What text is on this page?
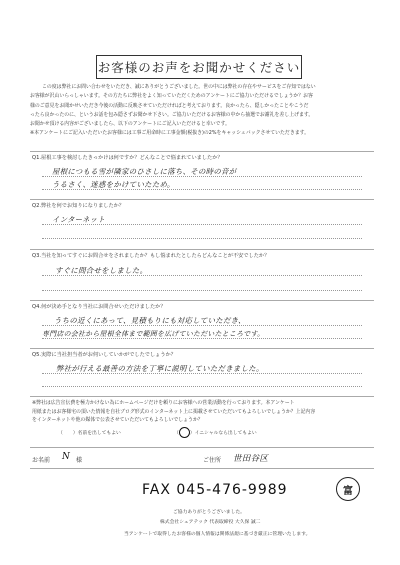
お客様のお声をお聞かせください

この度は弊社にお問い合わせをいただき、誠にありがとうございました。世の中には弊社の存在やサービスをご存知ではない

お客様が沢山いらっしゃいます。その方たちに弊社をよく知っていただくためのアンケートにご協力いただけるでしょうか？お客

様のご意見をお聞かせいただき今後の活動に反映させていただければと考えております。良かったら、隠しかったことやこうだ

ったら良かったのに、というお話を包み隠さずお聞かせ下さい。ご協力いただけるお客様の中から抽選でお謝礼を差し上げます。

お聞かせ頂ける内容がございましたら、以下のアンケートにご記入いただけると幸いです。

※本アンケートにご記入いただいたお客様には工事ご用命時に工事金額(税抜き)の2%をキャッシュバックさせていただきます。

Q1.屋根工事を検討したきっかけは何ですか？どんなことで悩まれていましたか？
屋根につもる雪が隣家のひさしに落ち、その時の音が
うるさく、迷惑をかけていたため。
Q2.弊社を何でお知りになりましたか？
インターネット
Q3.当社を知ってすぐにお問合せをされましたか？もし悩まれたとしたらどんなことが不安でしたか？
すぐに問合せをしました。
Q4.何が決め手となり当社にお問合せいただけましたか？
うちの近くにあって、見積もりにも対応していただき、
専門店の会社から屋根全体まで範囲を広げていただいたところです。
Q5.実際に当社担当者がお伺いしていかがでしたでしょうか？
弊社が行える最善の方法を丁寧に説明していただきました。
※弊社は広告宣伝費を極力かけない為にホームページだけを頼りにお客様への営業活動を行っております。本アンケート
用紙またはお客様宅の頂いた情報を自社ブログ形式のインターネット上に掲載させていただいてもよろしいでしょうか？上記内容
をインターネットや他の媒体で公表させていただいてもよろしいでしょうか？
（ ） 名前を出してもよい	（ ○ ） イニシャルなら出してもよい
お名前 N 様	ご住所 世田谷区
FAX 045-476-9989	富
ご協力ありがとうございました。
株式会社シェアテック 代表取締役 大久保 誠二
当アンケートで取得したお客様の個人情報は関係法規に基づき厳正に管理いたします。
